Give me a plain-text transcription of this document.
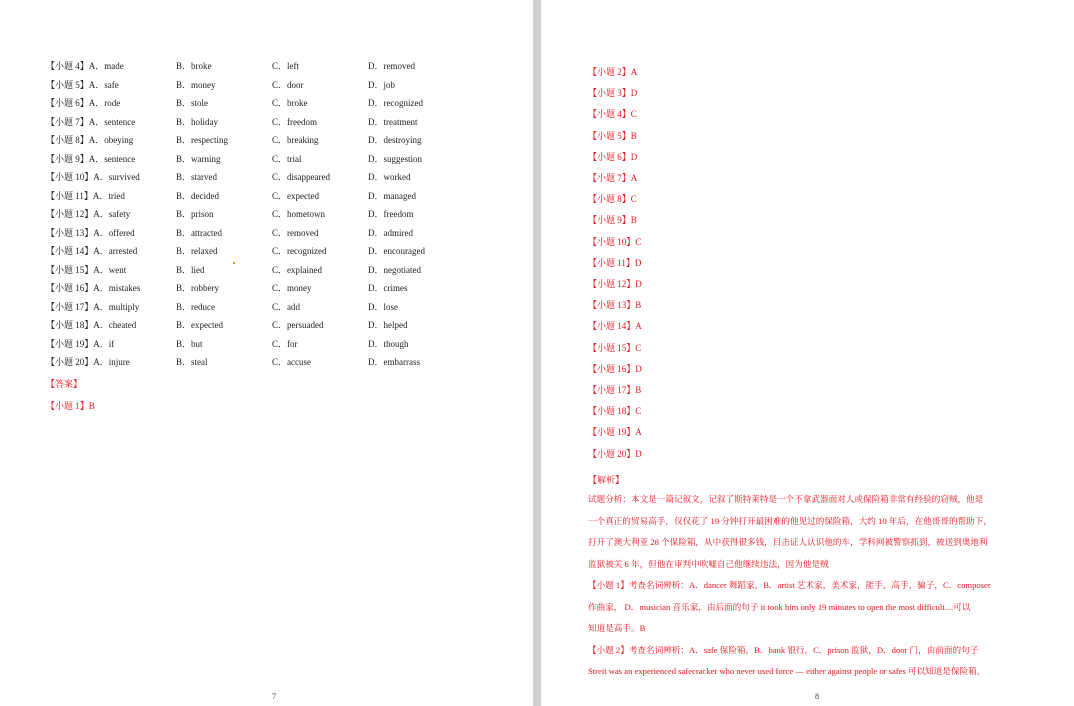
【小题 4】A．made	B．broke	C．left	D．removed
【小题 5】A．safe	B．money	C．door	D．job
【小题 6】A．rode	B．stole	C．broke	D．recognized
【小题 7】A．sentence	B．holiday	C．freedom	D．treatment
【小题 8】A．obeying	B．respecting	C．breaking	D．destroying
【小题 9】A．sentence	B．warning	C．trial	D．suggestion
【小题 10】A．survived	B．starved	C．disappeared	D．worked
【小题 11】A．tried	B．decided	C．expected	D．managed
【小题 12】A．safety	B．prison	C．hometown	D．freedom
【小题 13】A．offered	B．attracted	C．removed	D．admired
【小题 14】A．arrested	B．relaxed	C．recognized	D．encouraged
【小题 15】A．went	B．lied	C．explained	D．negotiated
【小题 16】A．mistakes	B．robbery	C．money	D．crimes
【小题 17】A．multiply	B．reduce	C．add	D．lose
【小题 18】A．cheated	B．expected	C．persuaded	D．helped
【小题 19】A．if	B．but	C．for	D．though
【小题 20】A．injure	B．steal	C．accuse	D．embarrass
【答案】
【小题 1】B
7
【小题 2】A
【小题 3】D
【小题 4】C
【小题 5】B
【小题 6】D
【小题 7】A
【小题 8】C
【小题 9】B
【小题 10】C
【小题 11】D
【小题 12】D
【小题 13】B
【小题 14】A
【小题 15】C
【小题 16】D
【小题 17】B
【小题 18】C
【小题 19】A
【小题 20】D
【解析】
试题分析：本文是一篇记叙文，记叙了斯特莱特是一个不拿武器面对人或保险箱非常有经验的窃贼，他是
一个真正的贸易高手，仅仅花了 19 分钟打开最困难的他见过的保险箱，大约 10 年后，在他哥哥的帮助下，
打开了澳大利亚 28 个保险箱，从中获得很多钱，目击证人认识他的车，学科网被警察抓到，被送到奥地利
监狱被关 6 年，但他在审判中吹嘘自己他继续违法，因为他是贼
【小题 1】考查名词辨析：A．dancer 舞蹈家，B．artist 艺术家，美术家，能手，高手，骗子，C．composer
作曲家， D．musician 音乐家，由后面的句子 it took him only 19 minutes to open the most difficult…可以
知道是高手。B
【小题 2】考查名词辨析：A．safe 保险箱，B．bank 银行，C．prison 监狱，D．door 门，由前面的句子
Streit was an experienced safecracker who never used force — either against people or safes 可以知道是保险箱，
8
